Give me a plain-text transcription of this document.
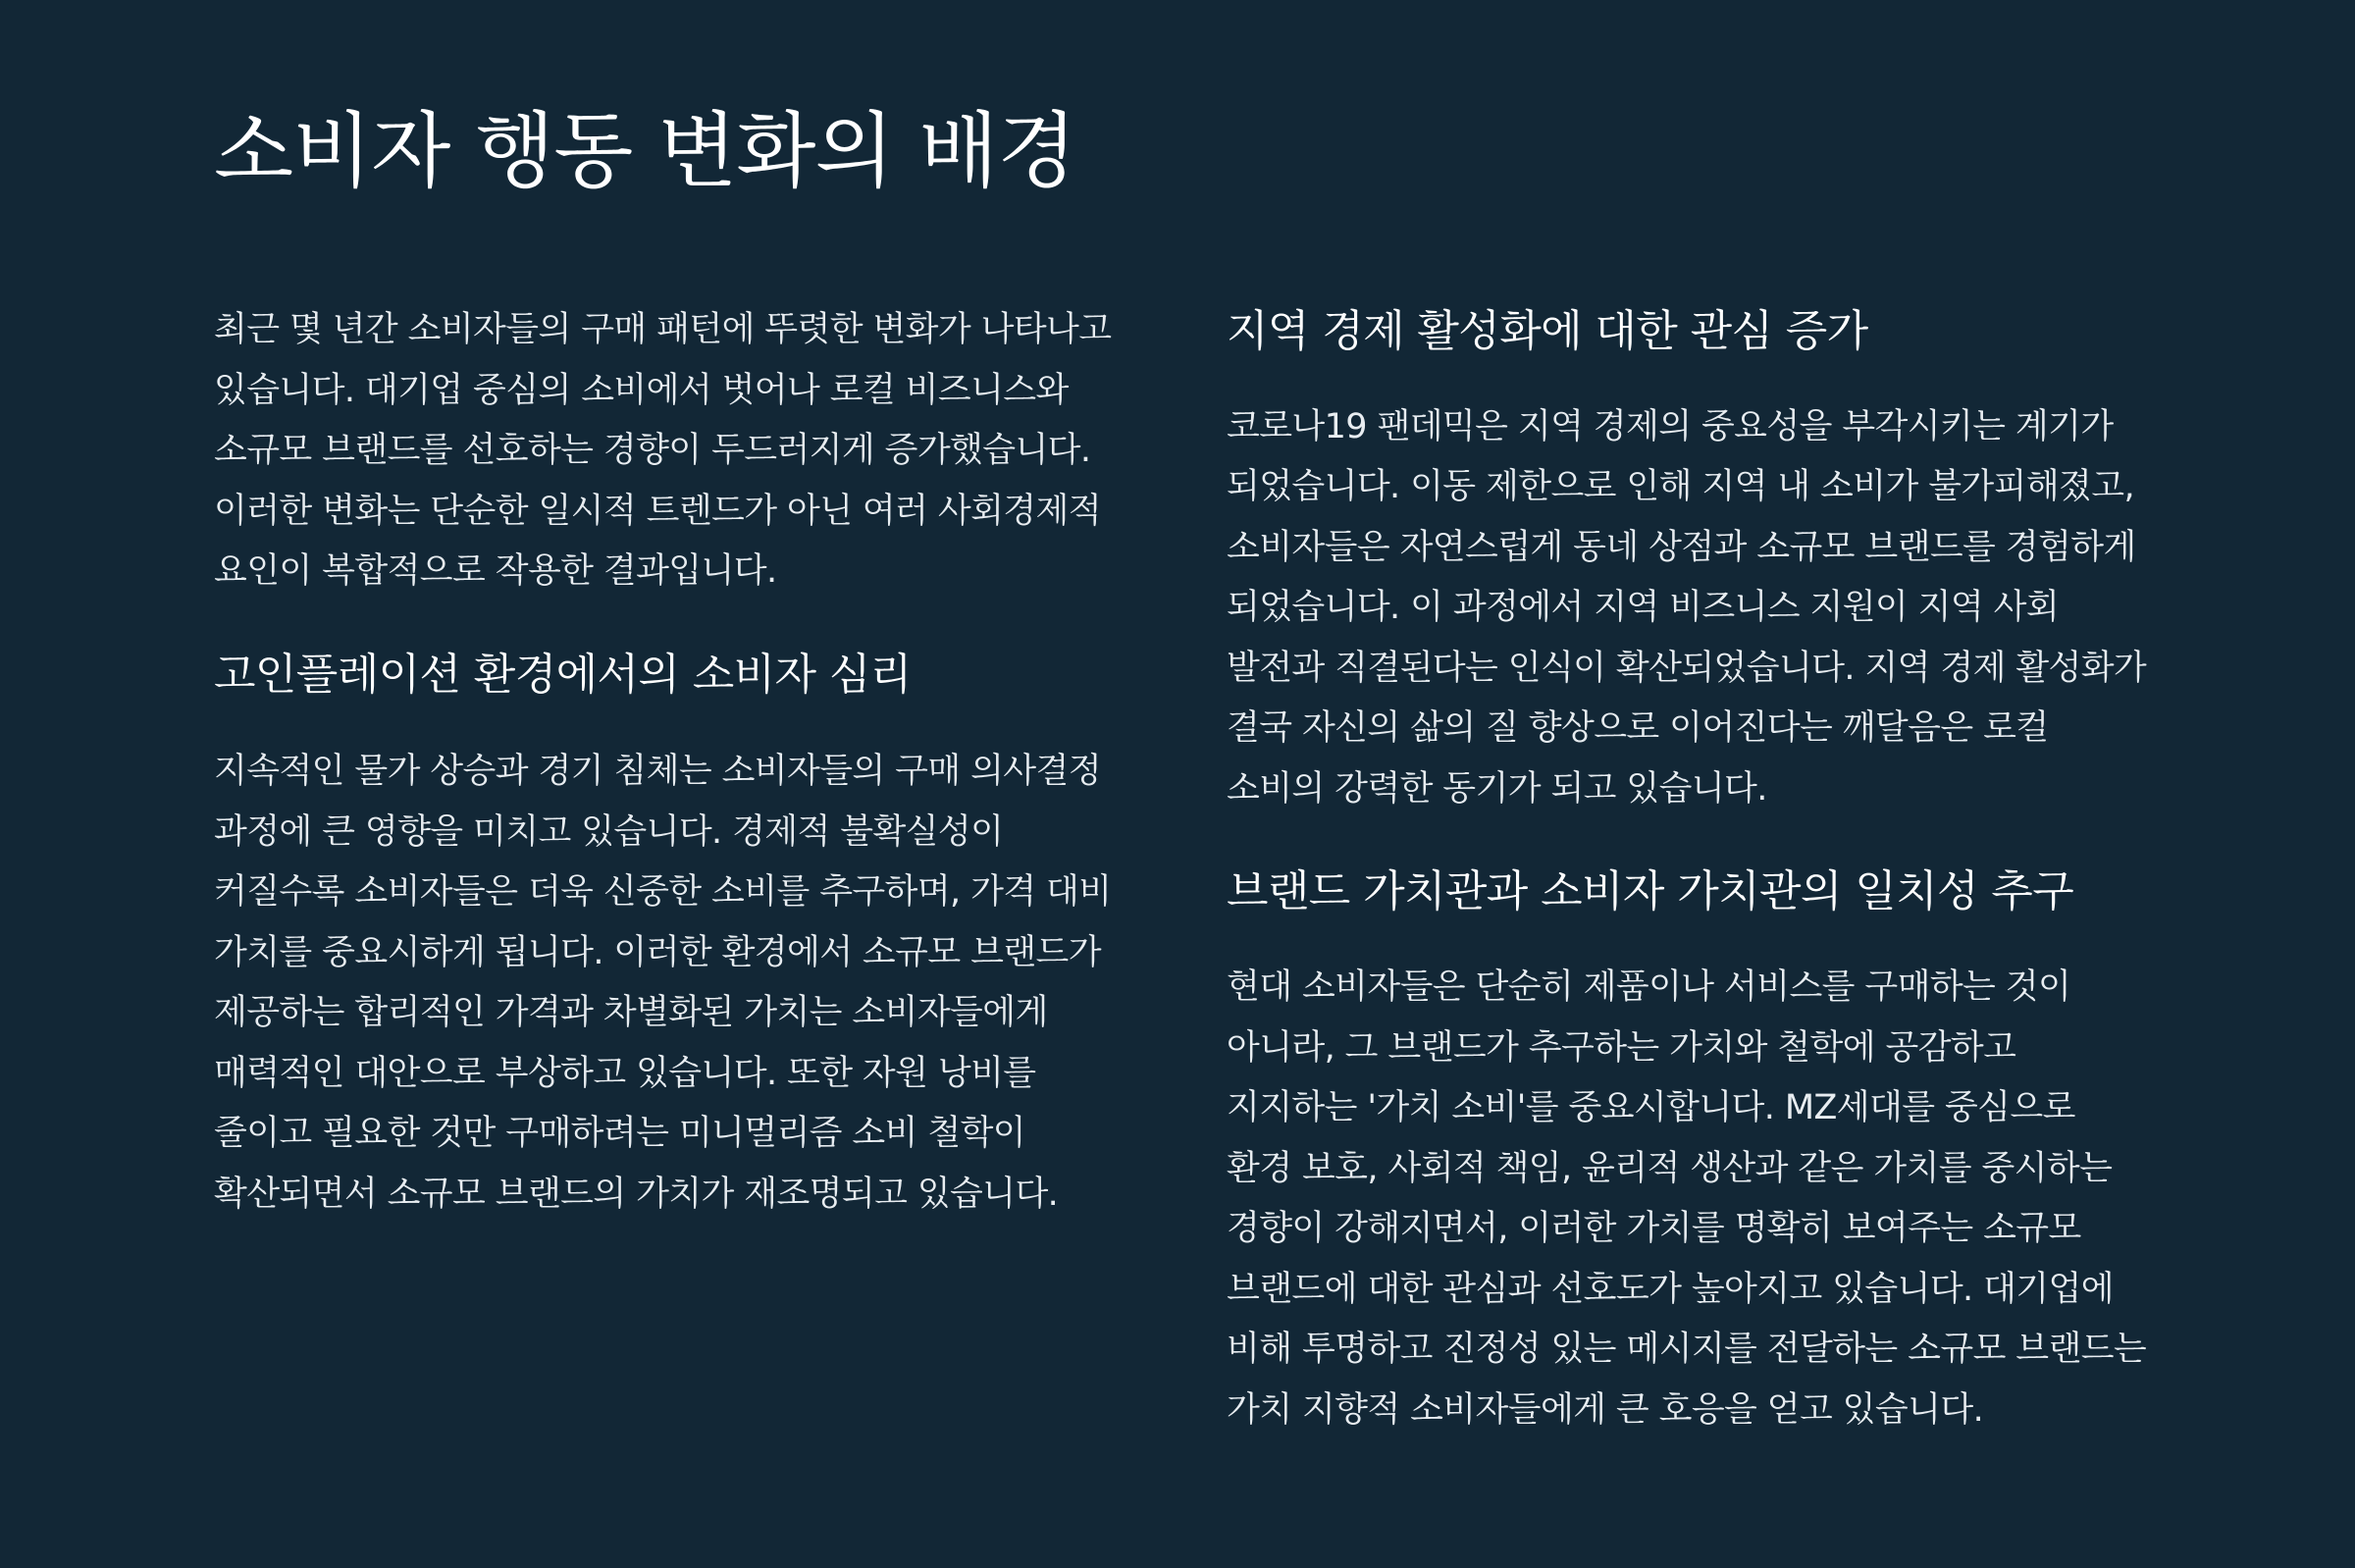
소비자 행동 변화의 배경

최근 몇 년간 소비자들의 구매 패턴에 뚜렷한 변화가 나타나고 있습니다. 대기업 중심의 소비에서 벗어나 로컬 비즈니스와 소규모 브랜드를 선호하는 경향이 두드러지게 증가했습니다. 이러한 변화는 단순한 일시적 트렌드가 아닌 여러 사회경제적 요인이 복합적으로 작용한 결과입니다.

고인플레이션 환경에서의 소비자 심리

지속적인 물가 상승과 경기 침체는 소비자들의 구매 의사결정 과정에 큰 영향을 미치고 있습니다. 경제적 불확실성이 커질수록 소비자들은 더욱 신중한 소비를 추구하며, 가격 대비 가치를 중요시하게 됩니다. 이러한 환경에서 소규모 브랜드가 제공하는 합리적인 가격과 차별화된 가치는 소비자들에게 매력적인 대안으로 부상하고 있습니다. 또한 자원 낭비를 줄이고 필요한 것만 구매하려는 미니멀리즘 소비 철학이 확산되면서 소규모 브랜드의 가치가 재조명되고 있습니다.

지역 경제 활성화에 대한 관심 증가

코로나19 팬데믹은 지역 경제의 중요성을 부각시키는 계기가 되었습니다. 이동 제한으로 인해 지역 내 소비가 불가피해졌고, 소비자들은 자연스럽게 동네 상점과 소규모 브랜드를 경험하게 되었습니다. 이 과정에서 지역 비즈니스 지원이 지역 사회 발전과 직결된다는 인식이 확산되었습니다. 지역 경제 활성화가 결국 자신의 삶의 질 향상으로 이어진다는 깨달음은 로컬 소비의 강력한 동기가 되고 있습니다.

브랜드 가치관과 소비자 가치관의 일치성 추구

현대 소비자들은 단순히 제품이나 서비스를 구매하는 것이 아니라, 그 브랜드가 추구하는 가치와 철학에 공감하고 지지하는 '가치 소비'를 중요시합니다. MZ세대를 중심으로 환경 보호, 사회적 책임, 윤리적 생산과 같은 가치를 중시하는 경향이 강해지면서, 이러한 가치를 명확히 보여주는 소규모 브랜드에 대한 관심과 선호도가 높아지고 있습니다. 대기업에 비해 투명하고 진정성 있는 메시지를 전달하는 소규모 브랜드는 가치 지향적 소비자들에게 큰 호응을 얻고 있습니다.
